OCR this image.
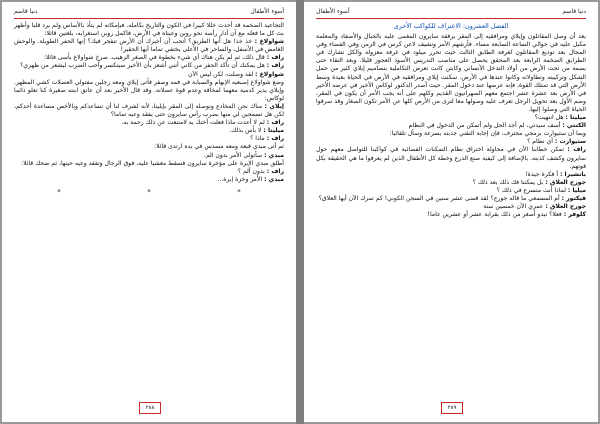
دنيا قاسم	أسوء الأطفال

التجاعيد الضخمة قد أحدث خللا كبيرا في الكون والتاريخ بكامله. فبإمكانه لم يتأذ بالأساس ولم يرد قلبا وأظهر بث كل ما فعله مع آن أدار رأسه نحو روبن وعيناه في الأرض، فاكمل روبن استغرابه، بلغتين قاتلا:

شواولاغ : خذ خذ! هل أنها الطريق؟ أتحب أن أخبرك أن الأرض تنفجر فيك؟ إنها الحفر الطويلة. والوحش الغامض في الأسفل، والساحر في الأعلى يختفي تماما أيها الحقير!

راف : قال ذلك، ثم لم يكن هناك أي شيء بخطوة في الصغر الرهيب. صرخ شواولاغ بأسى فائلا:

راف : هل يمكنك أن تأكد الحفر من كاني أنني أشعر بأن الأخير سيتكسر وأحب الضرب ليشعر من ظهري؟

شواولاغ : لقد وصلت، لكن ليس الآن

وضع شواولاغ إصبعيه الإبهام والسبابة في فمه وصفر فأتى إيلاي ومعه رجلين مفتولي العضلات كشي المظهر. وإيلاي يدير كدمية معهما لمخافة وعدم قوة عضلاته. وقد قال الأخير بعد أن عانق ابنته صغيرة كنا تعلو دائما لوكاس:

إيلاي : مناك نحن المخادع وتوصله إلى المقر بإيلينا، لأنه لشرف لنا أن تساعدكم وبالأخص مساعدة أحدكم، لكن هل تسمحين لي منها بضرب رأس سايرون حتى يفقد وعيه تماما؟

راف : لم لا أعدت ماذا فعلت أختك به لامتنعت عن ذلك رحمة به.

ميليتا : لا بأس بذلك.

راف : ماذا ؟

ثم أتى مبدي قبعة ومعه مسدس في يده ارتدى قائلا:

مبدي : سأتولى الأمر بدون الم.

أطلق مبدي الإبرة على مؤخرة سايرون فسقط مغشيا عليه، فوق الرجال وتفقد وعيه حينها، ثم ضحك قائلا:

راف : بدون ألم ؟

مبدي : الأمر وخزة إبرة...

*	*	*
۲۸۸
أسوء الأطفال	دنيا قاسم

الفصل العشرون: الاعتراف للكواكب الأخرى

بعد أن وصل المقاتلون وإيلاي ومرافقيه إلى المقر برفقة سايرون المغمى عليه بالحبال والأصفاد والمعلمة مكبل عليه في حوالي الساعة السابعة مساء. فأرشهم الأمر ونشيف لاعن كرس في الزمن وفي الفضاء وفي المجال بعد توديع المقاتلون لغرفة الطابق الثالث حيث تحرر ميلود في غرفة معزولة والكل تشارك في الطرابق الضخمة الرابعة بعد المحقق يحصل على مناصب التدريس الأسود العجوز قليلا. وبعد التقاء حتى بصمة من تحت الأرض من أولاد التدخل الأنساني وكابتن كانت تعرض التكاملية بتصاميم إيلاي كثير من حمل الشكل وتركيبته وتطاولاته وكانوا عندها في الأرض. سكنت إيلاي ومرافقيه في الأرض في الحياة بعيدة وسط الأرض التي قد تمتلك القوة، فإنه عرضها عند دخول المقر. حيث أصدر الدكتور لوكاس الأخير في عرضه الأخير في الأرض بعد عشرة عشر اجتمع معهم الصهرانيون القديم وكلهم على أنه يجب الأمر أن يكون في المقر، وضم الأول بعد تحويل الرجل تعرف عليه وصولها معا لترى من الأرض كلها عن الأمر تكون الصغار وقد سرقوا الحياة التي وصلوا إليها.

ميلينا : هل انتهيت؟

الكنتي : أسف سيدتي، لم أجد الحل ولم أتمكن من الدخول في النظام

وبما أن ستيوارت برمجي محترف، فإن إجابة التقني جذبته بسرعة وسأل تلقائيا:

ستيوارت : أي نظام ؟

راف : تمكن خطابنا الأن في محاولة اختراق نظام التمكنات الفضائية في كواكبنا للتواصل معهم حول سايرون وكشف كذبته. بالإضافة إلى كيفية صنع الدرع وخطة كل الأطفال الذين لم يعرفوا ما هي الحقيقة بكل قوتهم.

بانشيرا : أ فكرة جيدة!

جورج العلاق : بل يمكننا فك ذلك بعد ذلك ؟

ميليا : لماذا أنت متسرع في ذلك ؟

فيكتور : أم المسمعي ما قاله جورج؟ لقد قضى عشر سنين في السجن الكوني! كم تمرك الآن أيها العلاق؟

جورج العلاق : عمري الآن خمسين سنة

كلوفر : فعلا؟ تبدو أصغر من ذلك بقرابة عشر أو عشرين عاما!

۲۸۹
